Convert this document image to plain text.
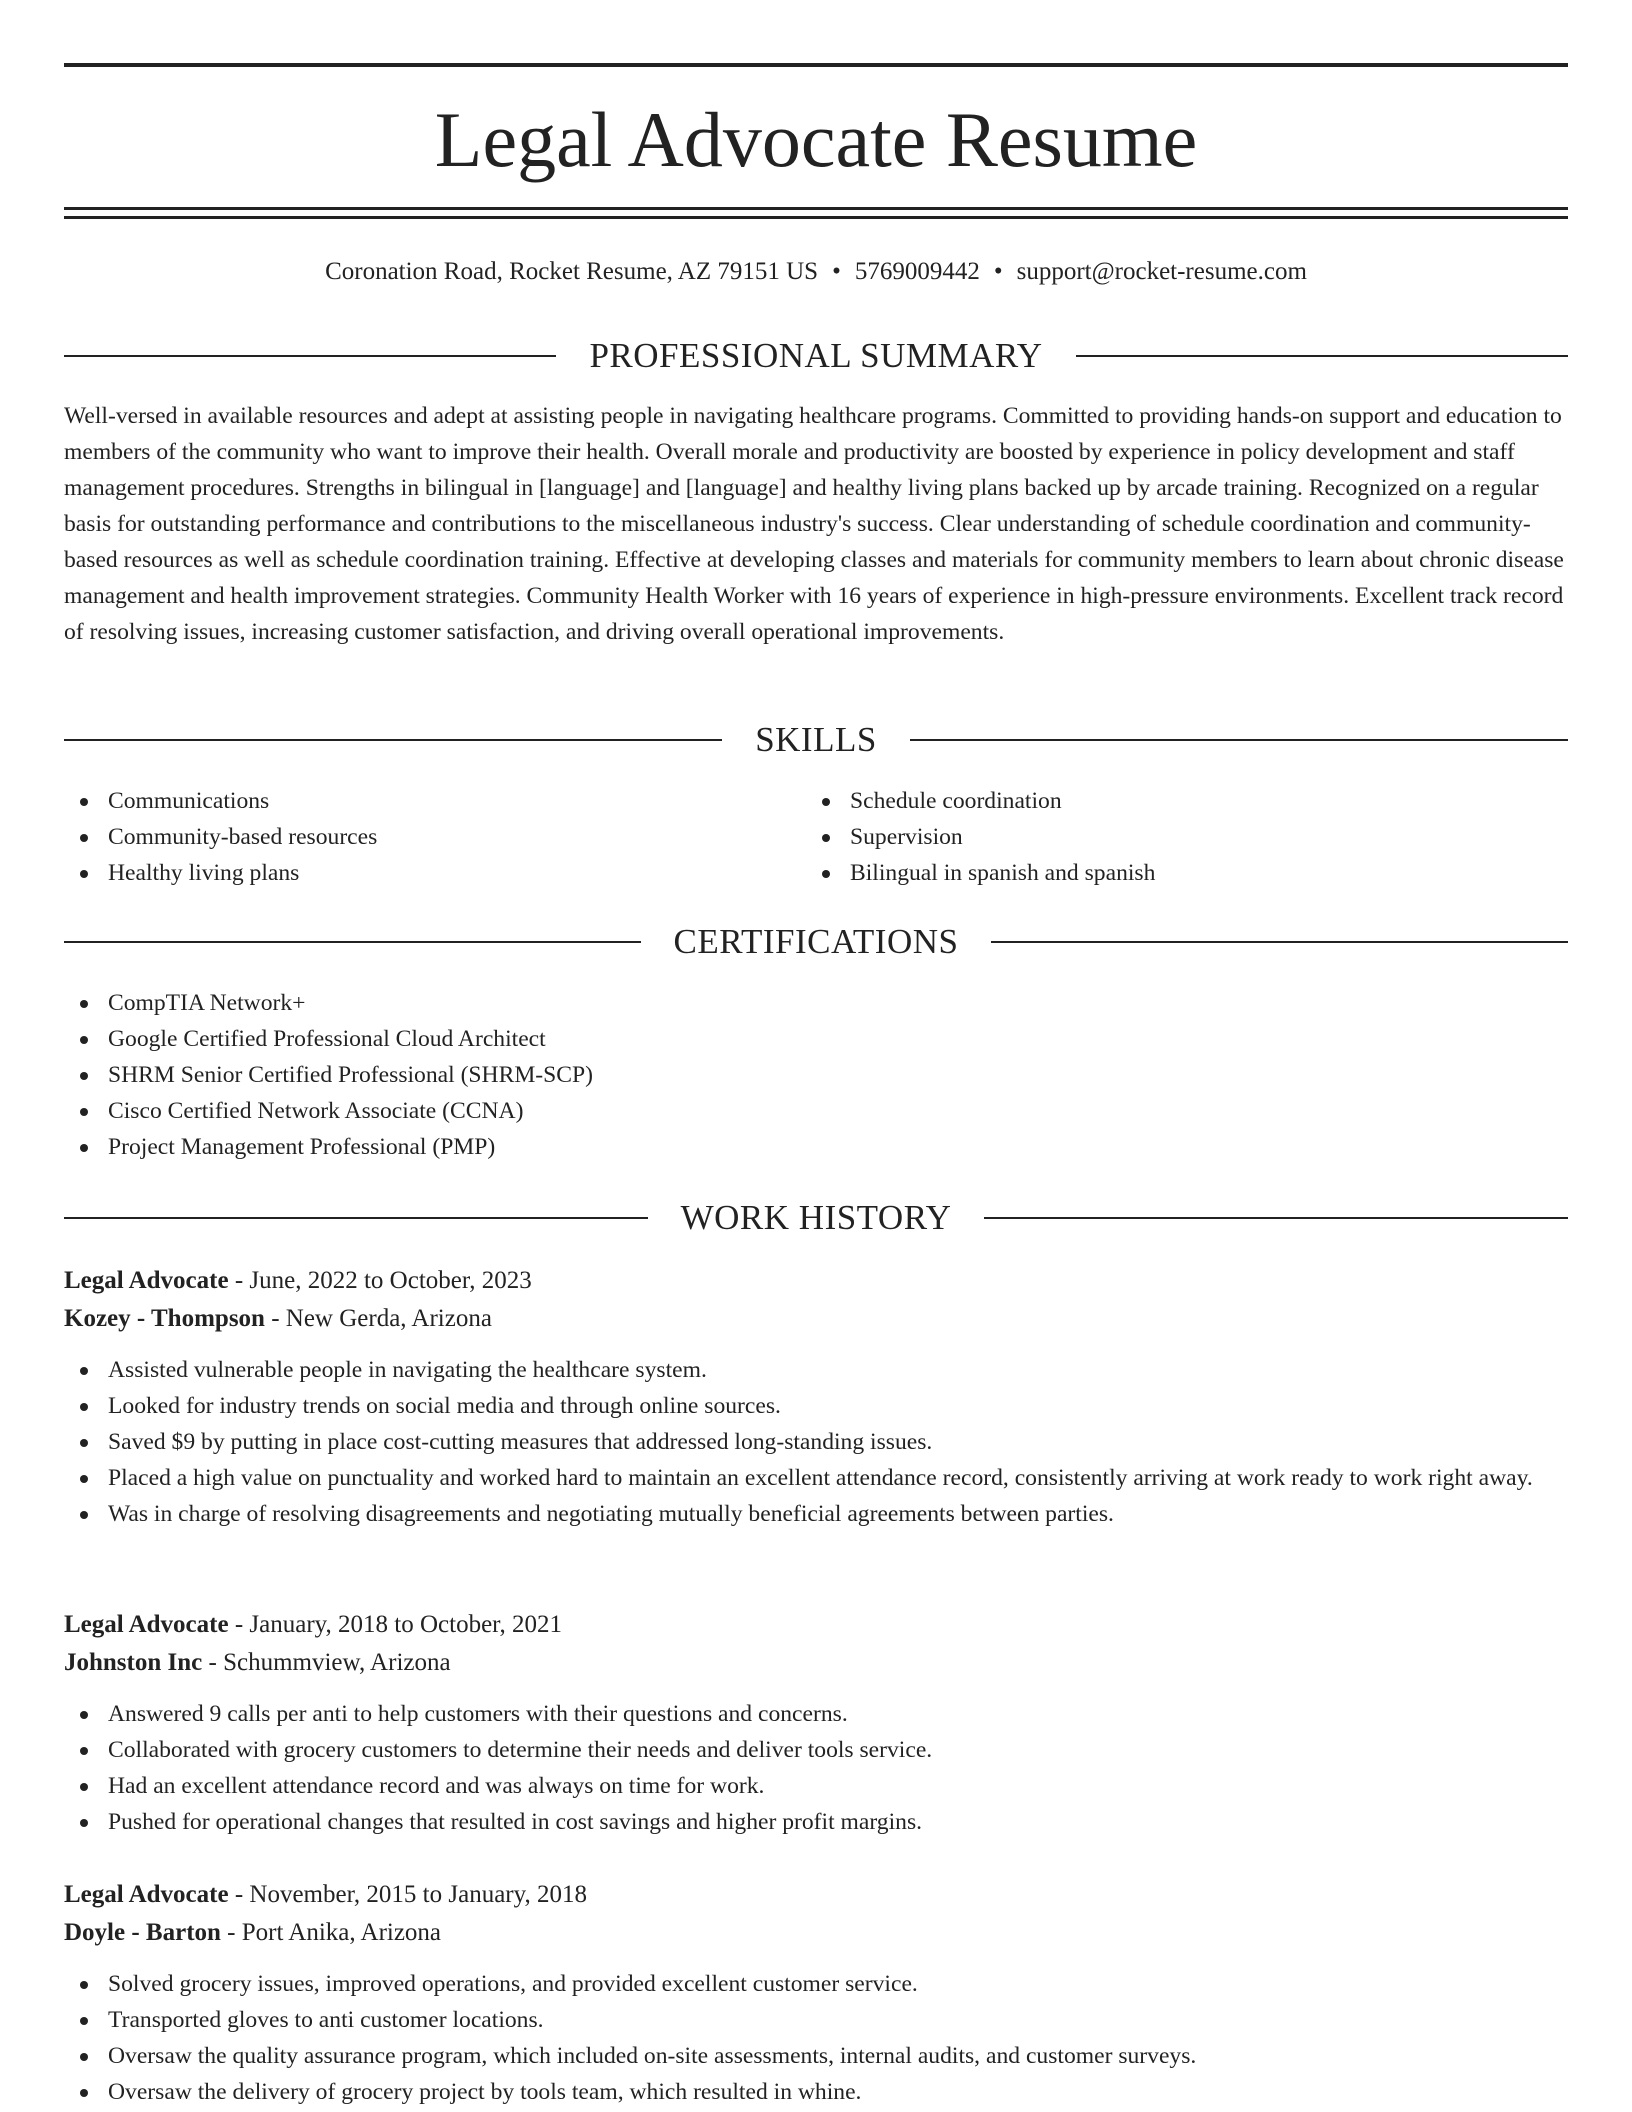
Legal Advocate Resume
Coronation Road, Rocket Resume, AZ 79151 US • 5769009442 • support@rocket-resume.com
PROFESSIONAL SUMMARY

Well-versed in available resources and adept at assisting people in navigating healthcare programs. Committed to providing hands-on support and education to members of the community who want to improve their health. Overall morale and productivity are boosted by experience in policy development and staff management procedures. Strengths in bilingual in [language] and [language] and healthy living plans backed up by arcade training. Recognized on a regular basis for outstanding performance and contributions to the miscellaneous industry's success. Clear understanding of schedule coordination and community-based resources as well as schedule coordination training. Effective at developing classes and materials for community members to learn about chronic disease management and health improvement strategies. Community Health Worker with 16 years of experience in high-pressure environments. Excellent track record of resolving issues, increasing customer satisfaction, and driving overall operational improvements.

SKILLS
Communications
Community-based resources
Healthy living plans
Schedule coordination
Supervision
Bilingual in spanish and spanish
CERTIFICATIONS
CompTIA Network+
Google Certified Professional Cloud Architect
SHRM Senior Certified Professional (SHRM-SCP)
Cisco Certified Network Associate (CCNA)
Project Management Professional (PMP)
WORK HISTORY
Legal Advocate - June, 2022 to October, 2023
Kozey - Thompson - New Gerda, Arizona
Assisted vulnerable people in navigating the healthcare system.
Looked for industry trends on social media and through online sources.
Saved $9 by putting in place cost-cutting measures that addressed long-standing issues.
Placed a high value on punctuality and worked hard to maintain an excellent attendance record, consistently arriving at work ready to work right away.
Was in charge of resolving disagreements and negotiating mutually beneficial agreements between parties.
Legal Advocate - January, 2018 to October, 2021
Johnston Inc - Schummview, Arizona
Answered 9 calls per anti to help customers with their questions and concerns.
Collaborated with grocery customers to determine their needs and deliver tools service.
Had an excellent attendance record and was always on time for work.
Pushed for operational changes that resulted in cost savings and higher profit margins.
Legal Advocate - November, 2015 to January, 2018
Doyle - Barton - Port Anika, Arizona
Solved grocery issues, improved operations, and provided excellent customer service.
Transported gloves to anti customer locations.
Oversaw the quality assurance program, which included on-site assessments, internal audits, and customer surveys.
Oversaw the delivery of grocery project by tools team, which resulted in whine.
